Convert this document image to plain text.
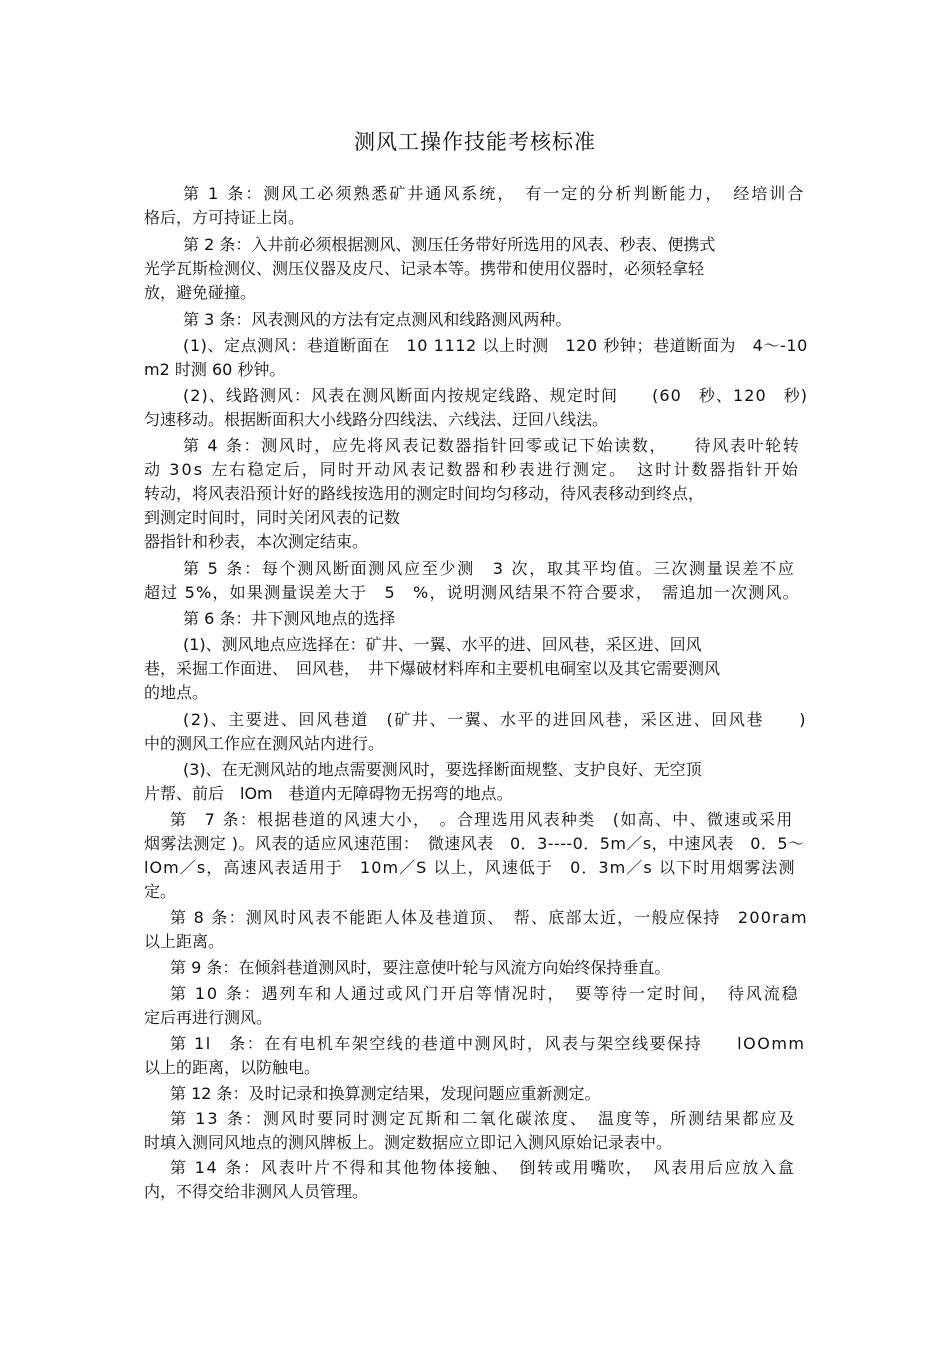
测风工操作技能考核标准
第 1 条：测风工必须熟悉矿井通风系统，　有一定的分析判断能力，　经培训合
格后，方可持证上岗。
第 2 条：入井前必须根据测风、测压任务带好所选用的风表、秒表、便携式
光学瓦斯检测仪、测压仪器及皮尺、记录本等。携带和使用仪器时，必须轻拿轻
放，避免碰撞。
第 3 条：风表测风的方法有定点测风和线路测风两种。
(1)、定点测风：巷道断面在　10 1112 以上时测　120 秒钟；巷道断面为　4～-10
m2 时测 60 秒钟。
(2)、线路测风：风表在测风断面内按规定线路、规定时间　　(60　秒、120　秒)
匀速移动。根据断面积大小线路分四线法、六线法、迂回八线法。
第 4 条：测风时，应先将风表记数器指针回零或记下始读数，　　待风表叶轮转
动 30s 左右稳定后，同时开动风表记数器和秒表进行测定。　这时计数器指针开始
转动，将风表沿预计好的路线按选用的测定时间均匀移动，待风表移动到终点，
到测定时间时，同时关闭风表的记数
器指针和秒表，本次测定结束。
第 5 条：每个测风断面测风应至少测　3 次，取其平均值。三次测量误差不应
超过 5%，如果测量误差大于　5　%，说明测风结果不符合要求，　需追加一次测风。
第 6 条：井下测风地点的选择
(1)、测风地点应选择在：矿井、一翼、水平的进、回风巷，采区进、回风
巷，采掘工作面进、　回风巷，　井下爆破材料库和主要机电硐室以及其它需要测风
的地点。
(2)、主要进、回风巷道　(矿井、一翼、水平的进回风巷，采区进、回风巷　　)
中的测风工作应在测风站内进行。
(3)、在无测风站的地点需要测风时，要选择断面规整、支护良好、无空顶
片帮、前后　lOm　巷道内无障碍物无拐弯的地点。
第　7 条：根据巷道的风速大小，　。合理选用风表种类　(如高、中、微速或采用
烟雾法测定 )。风表的适应风速范围：　微速风表　0．3----0．5m／s，中速风表　0．5～
lOm／s，高速风表适用于　10m／S 以上，风速低于　0．3m／s 以下时用烟雾法测
定。
第 8 条：测风时风表不能距人体及巷道顶、　帮、底部太近，一般应保持　200ram
以上距离。
第 9 条：在倾斜巷道测风时，要注意使叶轮与风流方向始终保持垂直。
第 10 条：遇列车和人通过或风门开启等情况时，　要等待一定时间，　待风流稳
定后再进行测风。
第 1l　条：在有电机车架空线的巷道中测风时，风表与架空线要保持　　lOOmm
以上的距离，以防触电。
第 12 条：及时记录和换算测定结果，发现问题应重新测定。
第 13 条：测风时要同时测定瓦斯和二氧化碳浓度、　温度等，所测结果都应及
时填入测同风地点的测风牌板上。测定数据应立即记入测风原始记录表中。
第 14 条：风表叶片不得和其他物体接触、　倒转或用嘴吹，　风表用后应放入盒
内，不得交给非测风人员管理。
